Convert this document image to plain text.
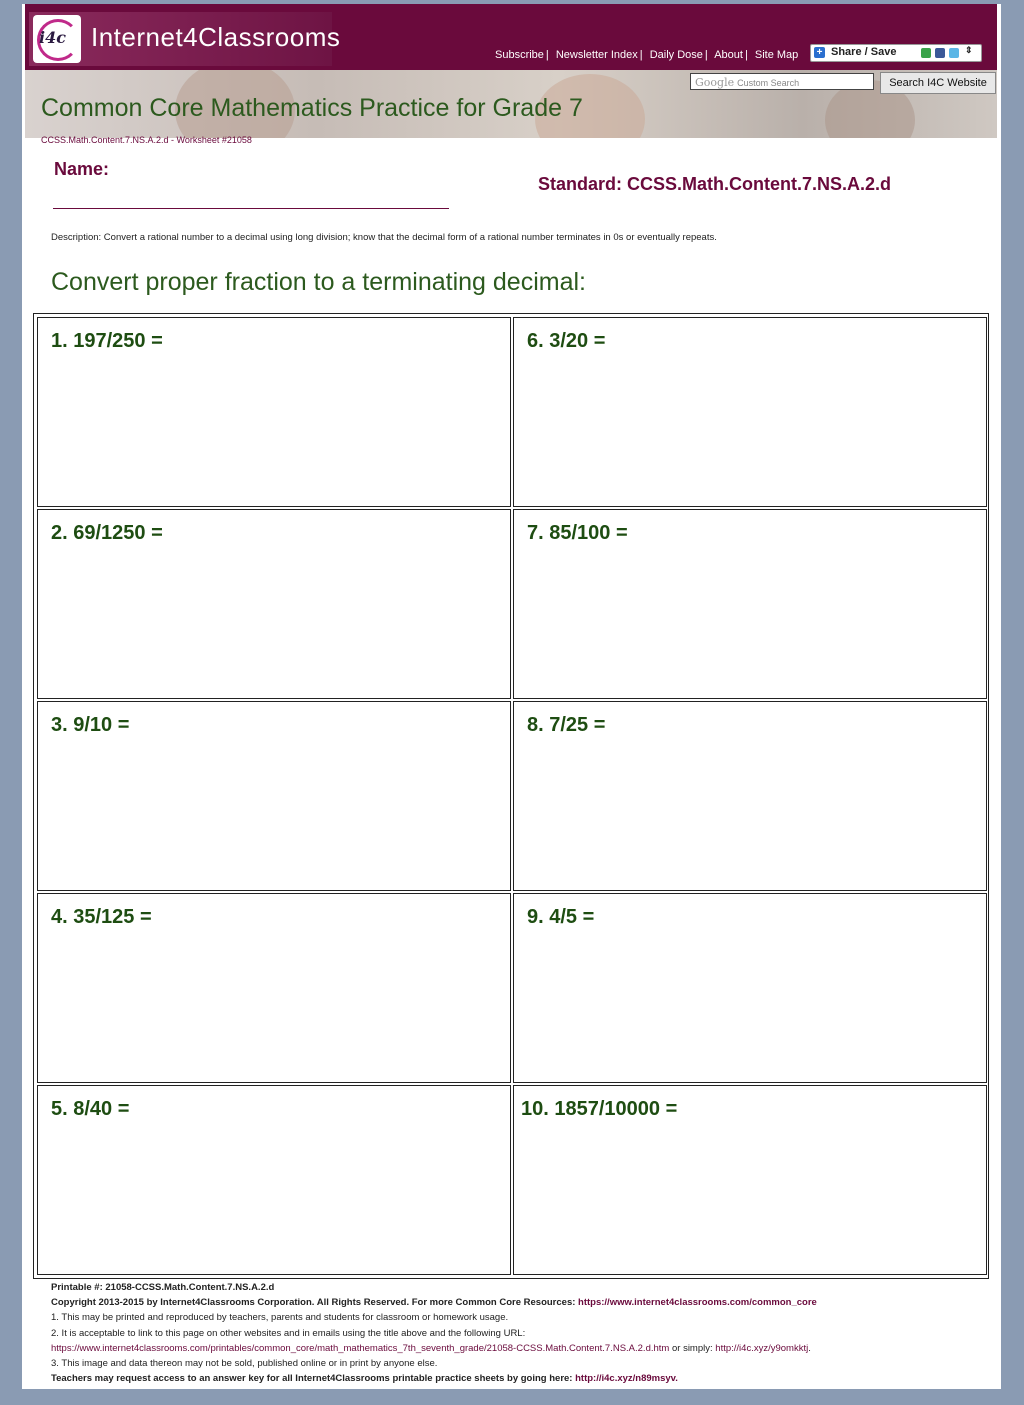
i4c Internet4Classrooms
Subscribe | Newsletter Index | Daily Dose | About | Site Map + Share / Save	⇕
Google Custom Search	Search I4C Website
Common Core Mathematics Practice for Grade 7
CCSS.Math.Content.7.NS.A.2.d - Worksheet #21058
Name:
Standard: CCSS.Math.Content.7.NS.A.2.d
Description: Convert a rational number to a decimal using long division; know that the decimal form of a rational number terminates in 0s or eventually repeats.
Convert proper fraction to a terminating decimal:
1. 197/250 =	6. 3/20 =
2. 69/1250 =	7. 85/100 =
3. 9/10 =	8. 7/25 =
4. 35/125 =	9. 4/5 =
5. 8/40 =	10. 1857/10000 =
Printable #: 21058-CCSS.Math.Content.7.NS.A.2.d
Copyright 2013-2015 by Internet4Classrooms Corporation. All Rights Reserved. For more Common Core Resources: https://www.internet4classrooms.com/common_core
1. This may be printed and reproduced by teachers, parents and students for classroom or homework usage.
2. It is acceptable to link to this page on other websites and in emails using the title above and the following URL:
https://www.internet4classrooms.com/printables/common_core/math_mathematics_7th_seventh_grade/21058-CCSS.Math.Content.7.NS.A.2.d.htm or simply: http://i4c.xyz/y9omkktj.
3. This image and data thereon may not be sold, published online or in print by anyone else.
Teachers may request access to an answer key for all Internet4Classrooms printable practice sheets by going here: http://i4c.xyz/n89msyv.
